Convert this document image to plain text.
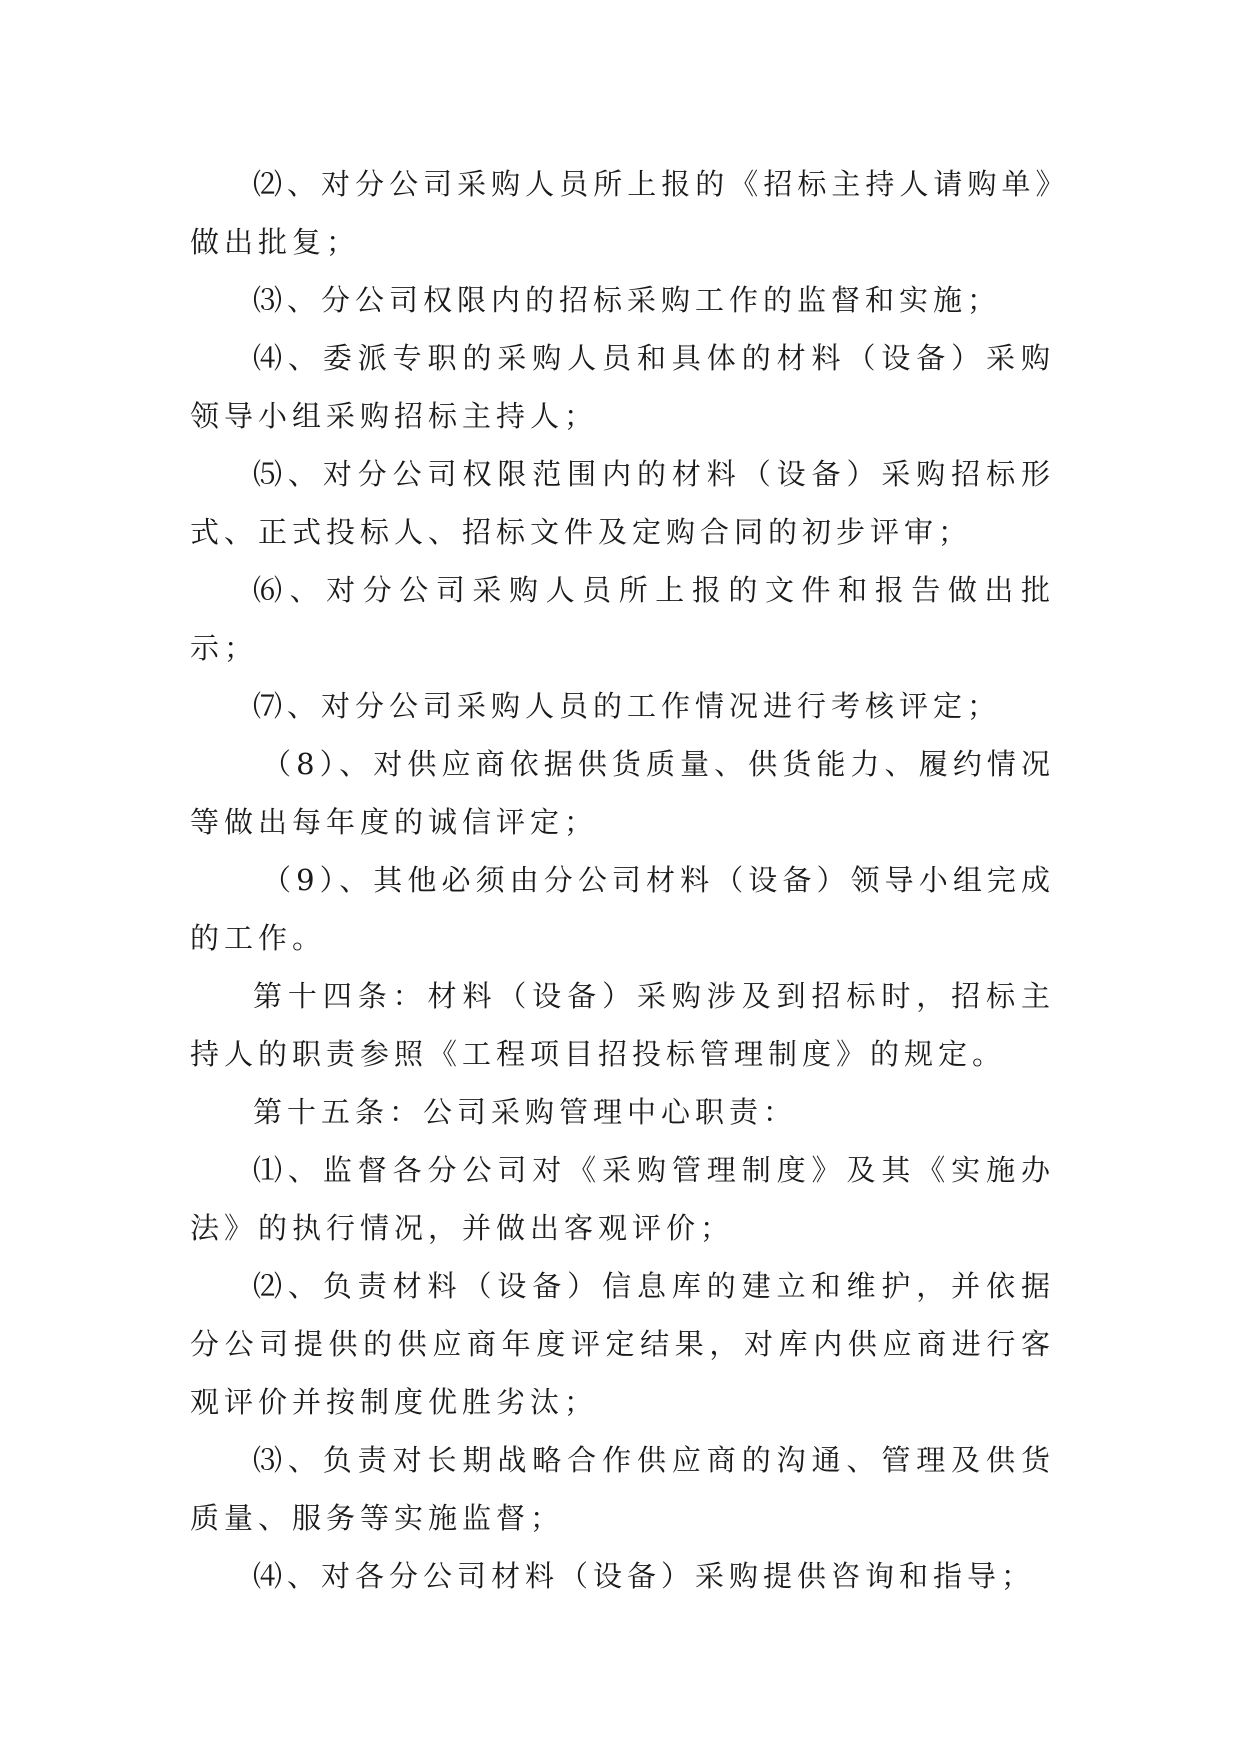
⑵、对分公司采购人员所上报的《招标主持人请购单》做出批复；

⑶、分公司权限内的招标采购工作的监督和实施；

⑷、委派专职的采购人员和具体的材料（设备）采购领导小组采购招标主持人；

⑸、对分公司权限范围内的材料（设备）采购招标形式、正式投标人、招标文件及定购合同的初步评审；

⑹、对分公司采购人员所上报的文件和报告做出批示；

⑺、对分公司采购人员的工作情况进行考核评定；

（8）、对供应商依据供货质量、供货能力、履约情况等做出每年度的诚信评定；

（9）、其他必须由分公司材料（设备）领导小组完成的工作。

第十四条：材料（设备）采购涉及到招标时，招标主持人的职责参照《工程项目招投标管理制度》的规定。

第十五条：公司采购管理中心职责：

⑴、监督各分公司对《采购管理制度》及其《实施办法》的执行情况，并做出客观评价；

⑵、负责材料（设备）信息库的建立和维护，并依据分公司提供的供应商年度评定结果，对库内供应商进行客观评价并按制度优胜劣汰；

⑶、负责对长期战略合作供应商的沟通、管理及供货质量、服务等实施监督；

⑷、对各分公司材料（设备）采购提供咨询和指导；
